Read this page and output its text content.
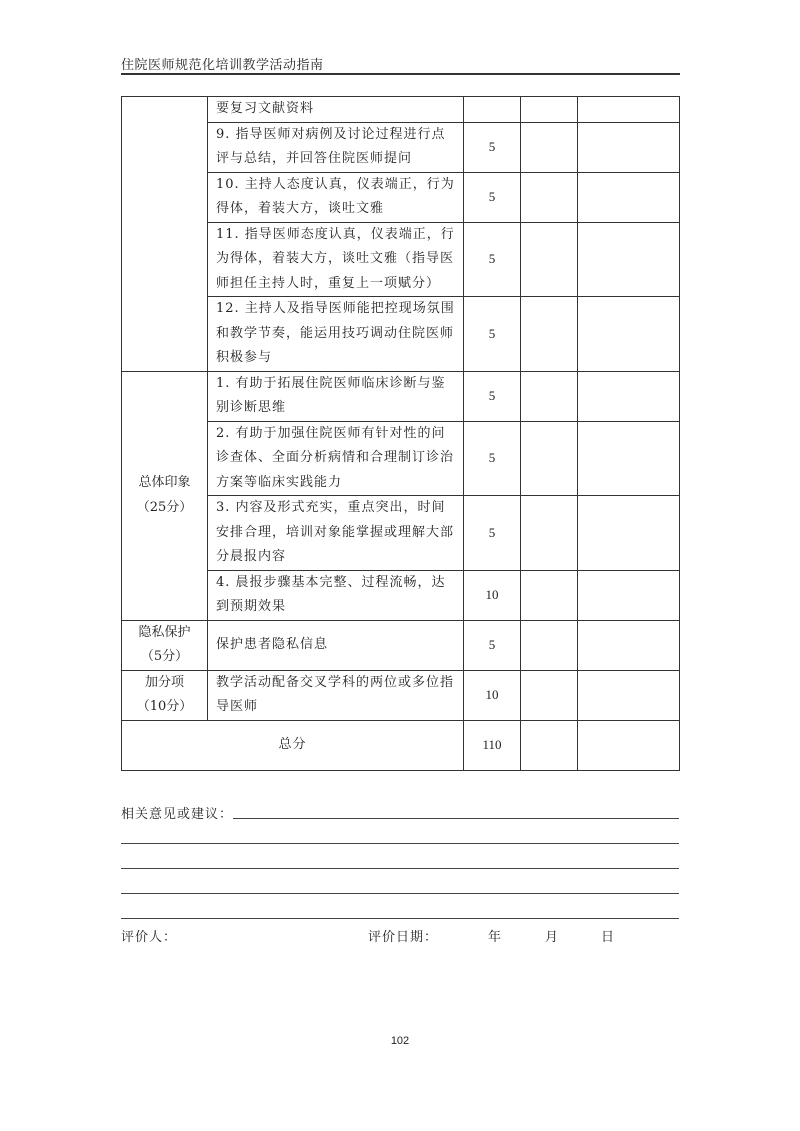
住院医师规范化培训教学活动指南
	要复习文献资料			
	9. 指导医师对病例及讨论过程进行点评与总结，并回答住院医师提问	5		
	10. 主持人态度认真，仪表端正，行为得体，着装大方，谈吐文雅	5		
	11. 指导医师态度认真，仪表端正，行为得体，着装大方，谈吐文雅（指导医师担任主持人时，重复上一项赋分）	5		
	12. 主持人及指导医师能把控现场氛围和教学节奏，能运用技巧调动住院医师积极参与	5		

总体印象
（25分）	1. 有助于拓展住院医师临床诊断与鉴别诊断思维	5		
	2. 有助于加强住院医师有针对性的问诊查体、全面分析病情和合理制订诊治方案等临床实践能力	5		
	3. 内容及形式充实，重点突出，时间安排合理，培训对象能掌握或理解大部分晨报内容	5		
	4. 晨报步骤基本完整、过程流畅，达到预期效果	10		

隐私保护
（5分）	保护患者隐私信息	5		

加分项
（10分）	教学活动配备交叉学科的两位或多位指导医师	10		
总分		110		
相关意见或建议：
评价人：	评价日期：	年	月	日
102
